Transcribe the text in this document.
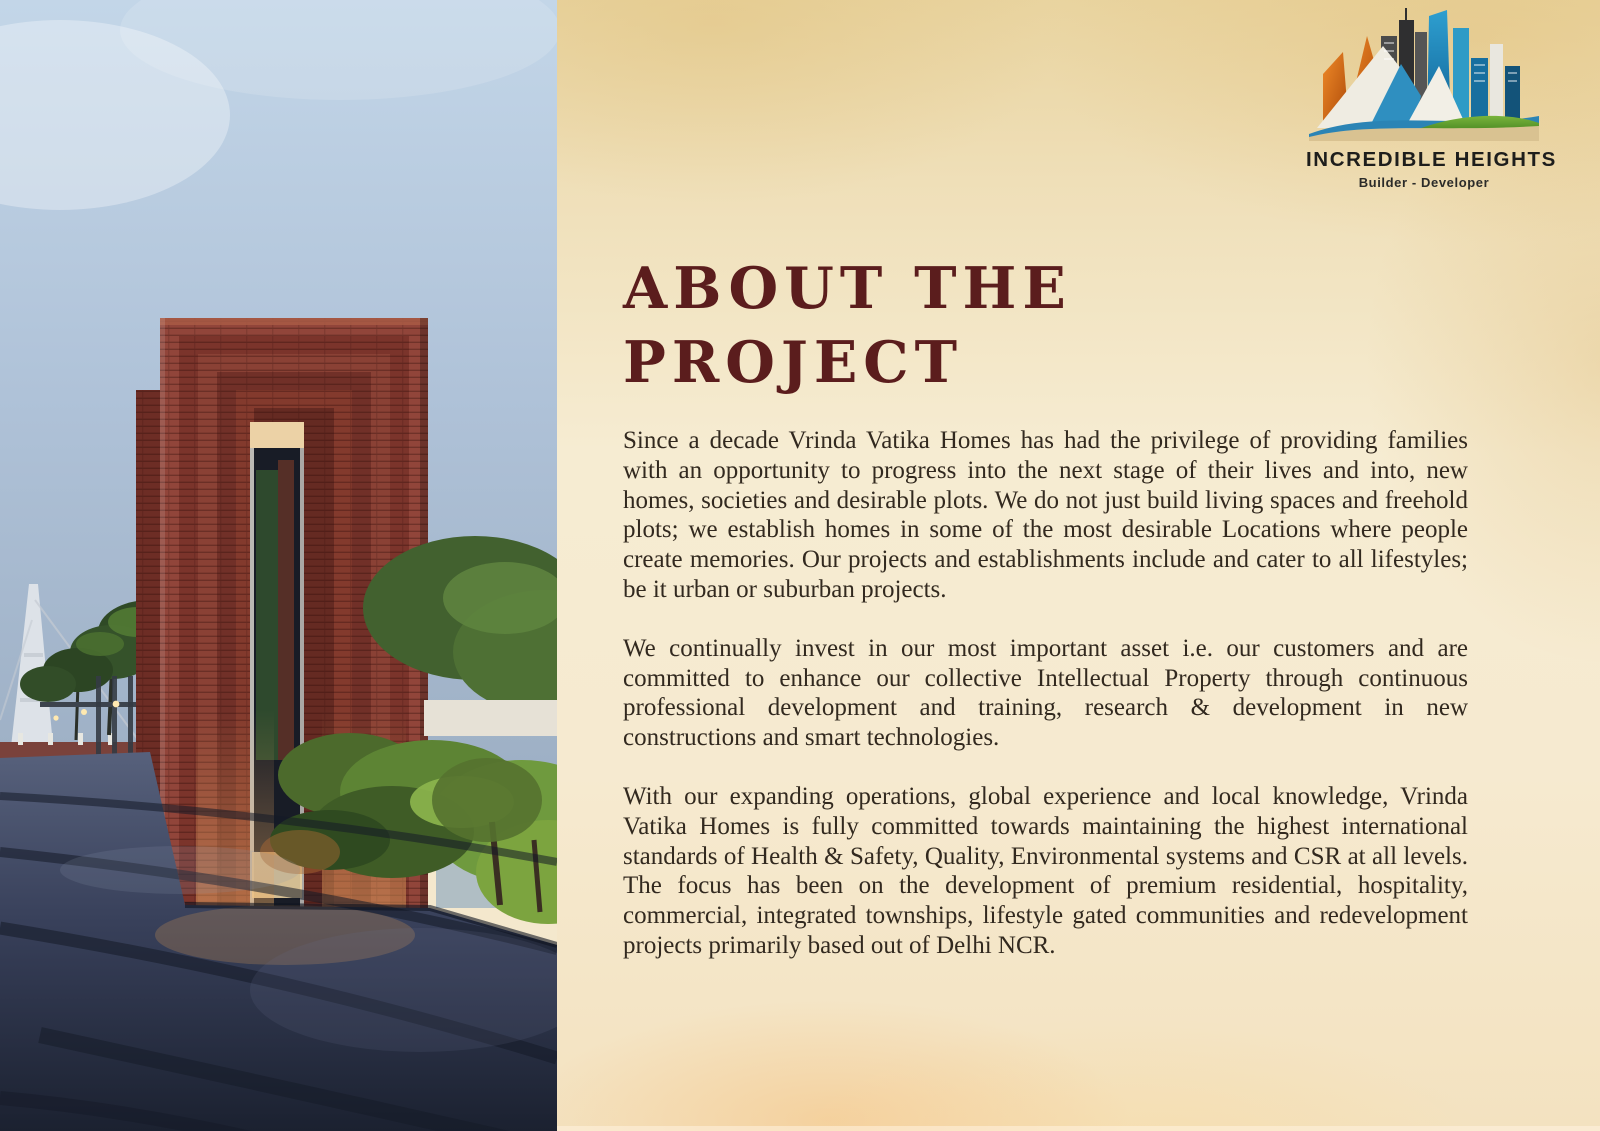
INCREDIBLE HEIGHTS
Builder - Developer
ABOUT THE
PROJECT

Since a decade Vrinda Vatika Homes has had the privilege of providing families with an opportunity to progress into the next stage of their lives and into, new homes, societies and desirable plots. We do not just build living spaces and freehold plots; we establish homes in some of the most desirable Locations where people create memories. Our projects and establishments include and cater to all lifestyles; be it urban or suburban projects.

We continually invest in our most important asset i.e. our customers and are committed to enhance our collective Intellectual Property through continuous professional development and training, research & development in new constructions and smart technologies.

With our expanding operations, global experience and local knowledge, Vrinda Vatika Homes is fully committed towards maintaining the highest international standards of Health & Safety, Quality, Environmental systems and CSR at all levels. The focus has been on the development of premium residential, hospitality, commercial, integrated townships, lifestyle gated communities and redevelopment projects primarily based out of Delhi NCR.
